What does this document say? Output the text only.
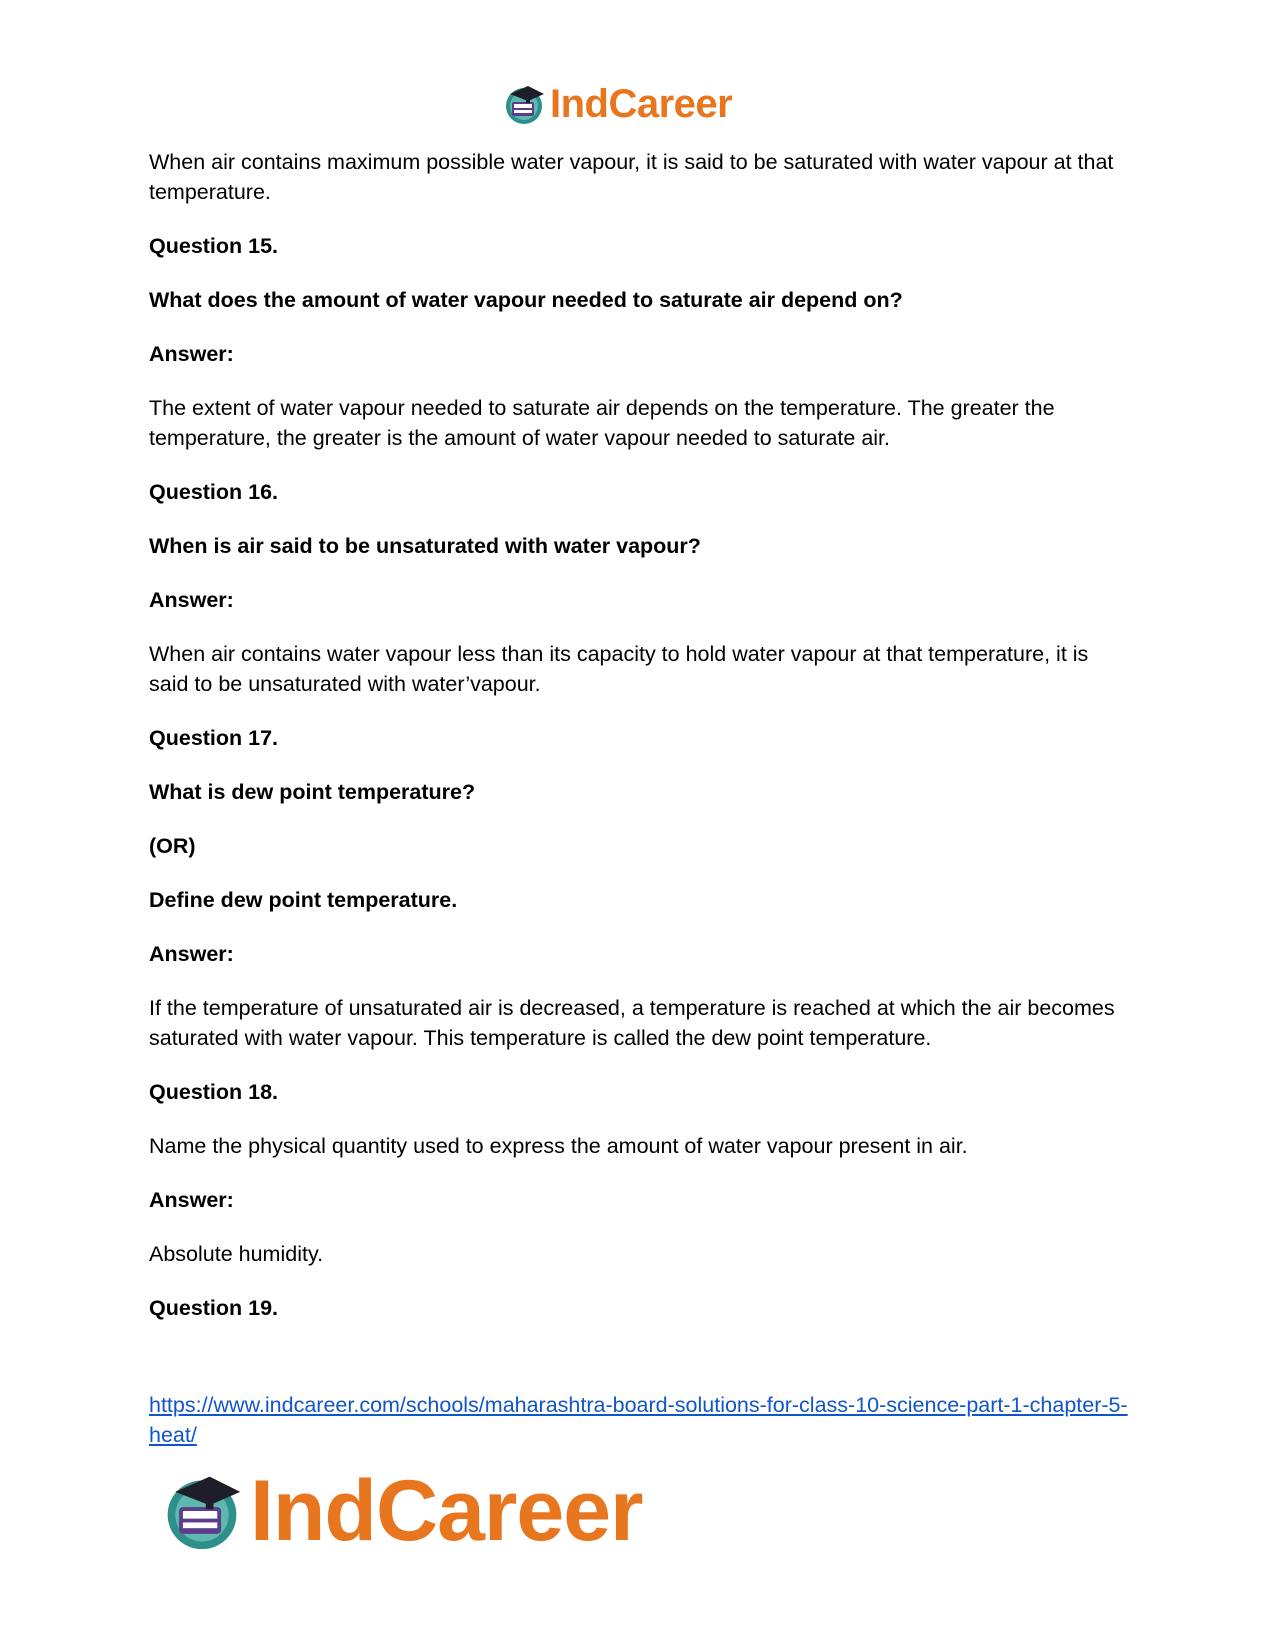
IndCareer

When air contains maximum possible water vapour, it is said to be saturated with water vapour at that temperature.

Question 15.

What does the amount of water vapour needed to saturate air depend on?

Answer:

The extent of water vapour needed to saturate air depends on the temperature. The greater the temperature, the greater is the amount of water vapour needed to saturate air.

Question 16.

When is air said to be unsaturated with water vapour?

Answer:

When air contains water vapour less than its capacity to hold water vapour at that temperature, it is said to be unsaturated with water’vapour.

Question 17.

What is dew point temperature?

(OR)

Define dew point temperature.

Answer:

If the temperature of unsaturated air is decreased, a temperature is reached at which the air becomes saturated with water vapour. This temperature is called the dew point temperature.

Question 18.

Name the physical quantity used to express the amount of water vapour present in air.

Answer:

Absolute humidity.

Question 19.

https://www.indcareer.com/schools/maharashtra-board-solutions-for-class-10-science-part-1-chapter-5-heat/
IndCareer
